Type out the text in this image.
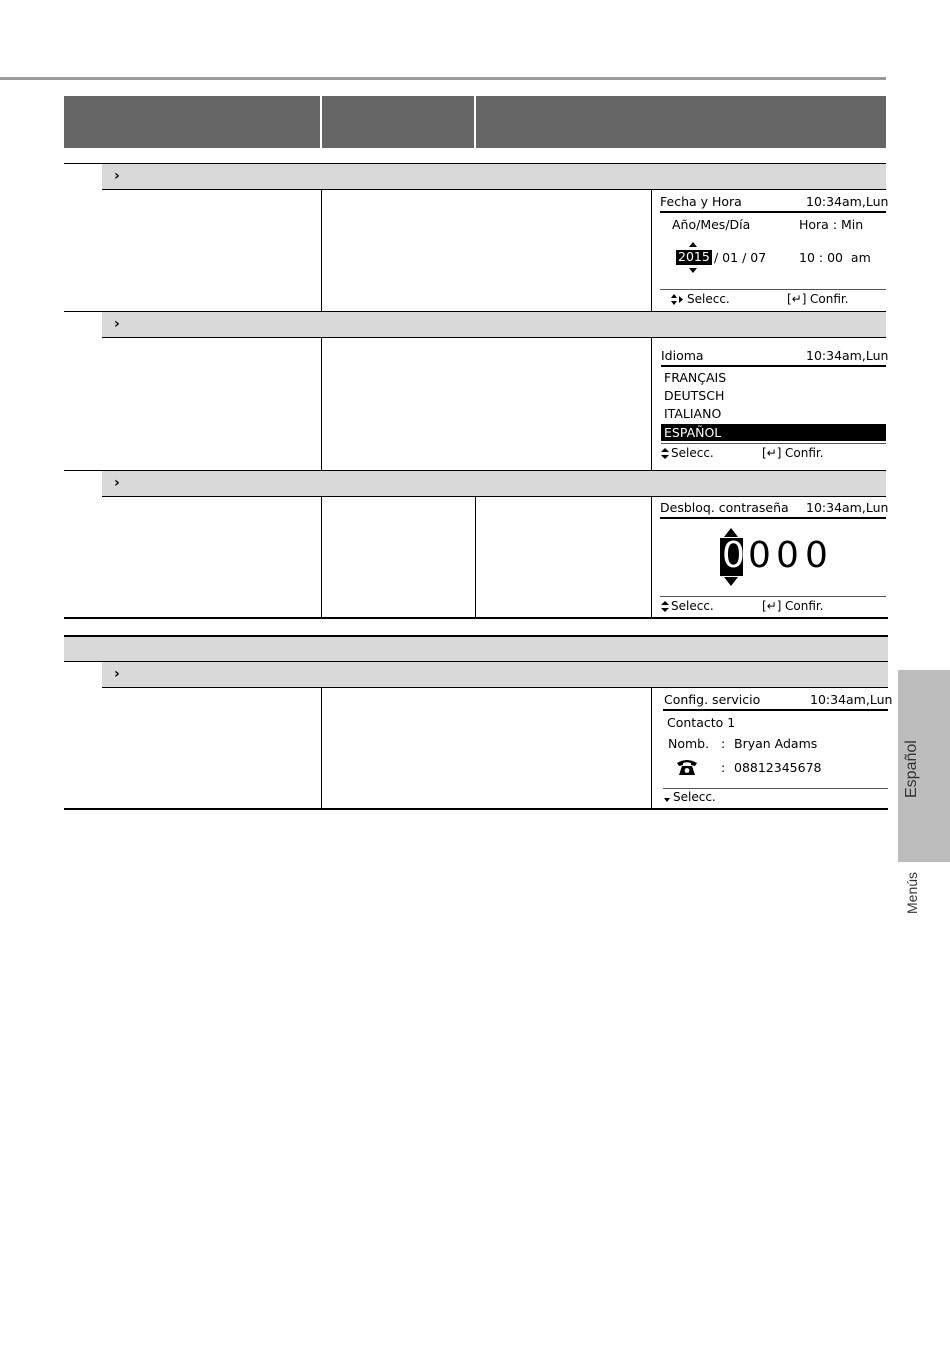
›
Fecha y Hora	10:34am,Lun
Año/Mes/Día	Hora : Min
2015 / 01 / 07	10 : 00  am
Selecc.	[↵] Confir.
›
Idioma	10:34am,Lun
FRANÇAIS
DEUTSCH
ITALIANO
ESPAÑOL
Selecc.	[↵] Confir.
›
Desbloq. contraseña 10:34am,Lun
0 0 0 0
Selecc.	[↵] Confir.
›
Config. servicio	10:34am,Lun
Contacto 1
Nomb. : Bryan Adams
: 08812345678
Selecc.	Español
Menús
